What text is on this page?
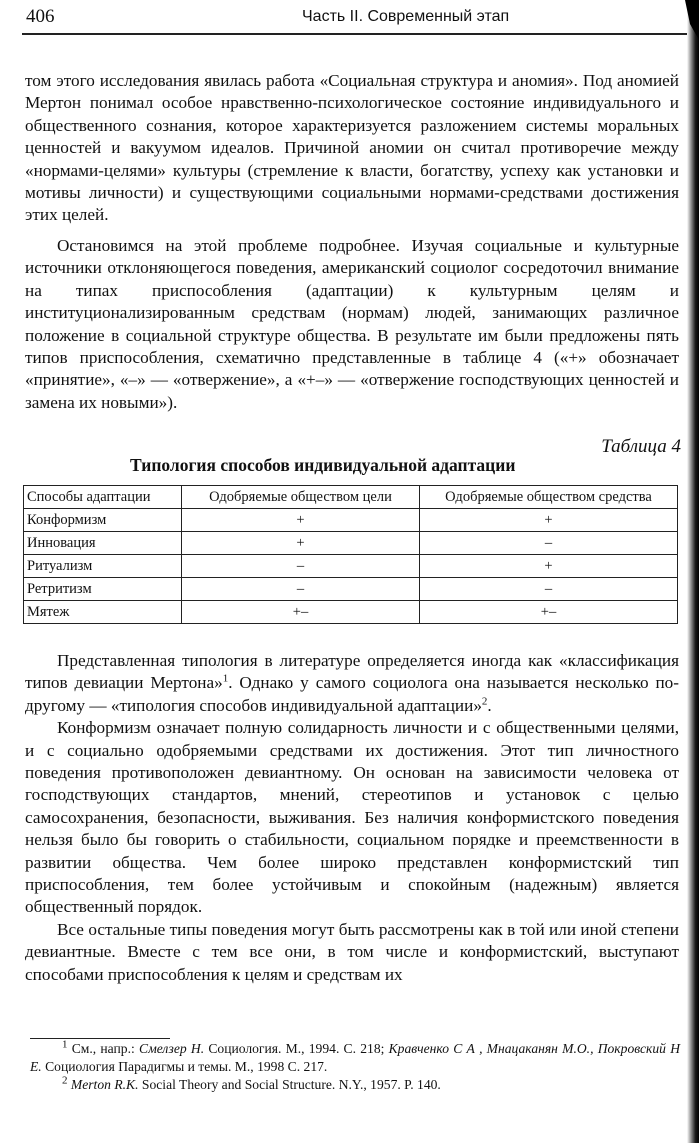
406	Часть II. Современный этап

том этого исследования явилась работа «Социальная структура и аномия». Под аномией Мертон понимал особое нравственно-психологическое состояние индивидуального и общественного сознания, которое характеризуется разложением системы моральных ценностей и вакуумом идеалов. Причиной аномии он считал противоречие между «нормами-целями» культуры (стремление к власти, богатству, успеху как установки и мотивы личности) и существующими социальными нормами-средствами достижения этих целей.

Остановимся на этой проблеме подробнее. Изучая социальные и культурные источники отклоняющегося поведения, американский социолог сосредоточил внимание на типах приспособления (адаптации) к культурным целям и институционализированным средствам (нормам) людей, занимающих различное положение в социальной структуре общества. В результате им были предложены пять типов приспособления, схематично представленные в таблице 4 («+» обозначает «принятие», «–» — «отвержение», а «+–» — «отвержение господствующих ценностей и замена их новыми»).

Таблица 4
Типология способов индивидуальной адаптации
Способы адаптации	Одобряемые обществом цели	Одобряемые обществом средства
Конформизм	+	+
Инновация	+	–
Ритуализм	–	+
Ретритизм	–	–
Мятеж	+–	+–

Представленная типология в литературе определяется иногда как «классификация типов девиации Мертона»$^1$. Однако у самого социолога она называется несколько по-другому — «типология способов индивидуальной адаптации»$^2$.

Конформизм означает полную солидарность личности и с общественными целями, и с социально одобряемыми средствами их достижения. Этот тип личностного поведения противоположен девиантному. Он основан на зависимости человека от господствующих стандартов, мнений, стереотипов и установок с целью самосохранения, безопасности, выживания. Без наличия конформистского поведения нельзя было бы говорить о стабильности, социальном порядке и преемственности в развитии общества. Чем более широко представлен конформистский тип приспособления, тем более устойчивым и спокойным (надежным) является общественный порядок.

Все остальные типы поведения могут быть рассмотрены как в той или иной степени девиантные. Вместе с тем все они, в том числе и конформистский, выступают способами приспособления к целям и средствам их

$^1$ См., напр.: Смелзер Н. Социология. М., 1994. С. 218; Кравченко С А , Мнацаканян М.О., Покровский Н Е. Социология Парадигмы и темы. М., 1998 С. 217.

$^2$ Merton R.K. Social Theory and Social Structure. N.Y., 1957. P. 140.
